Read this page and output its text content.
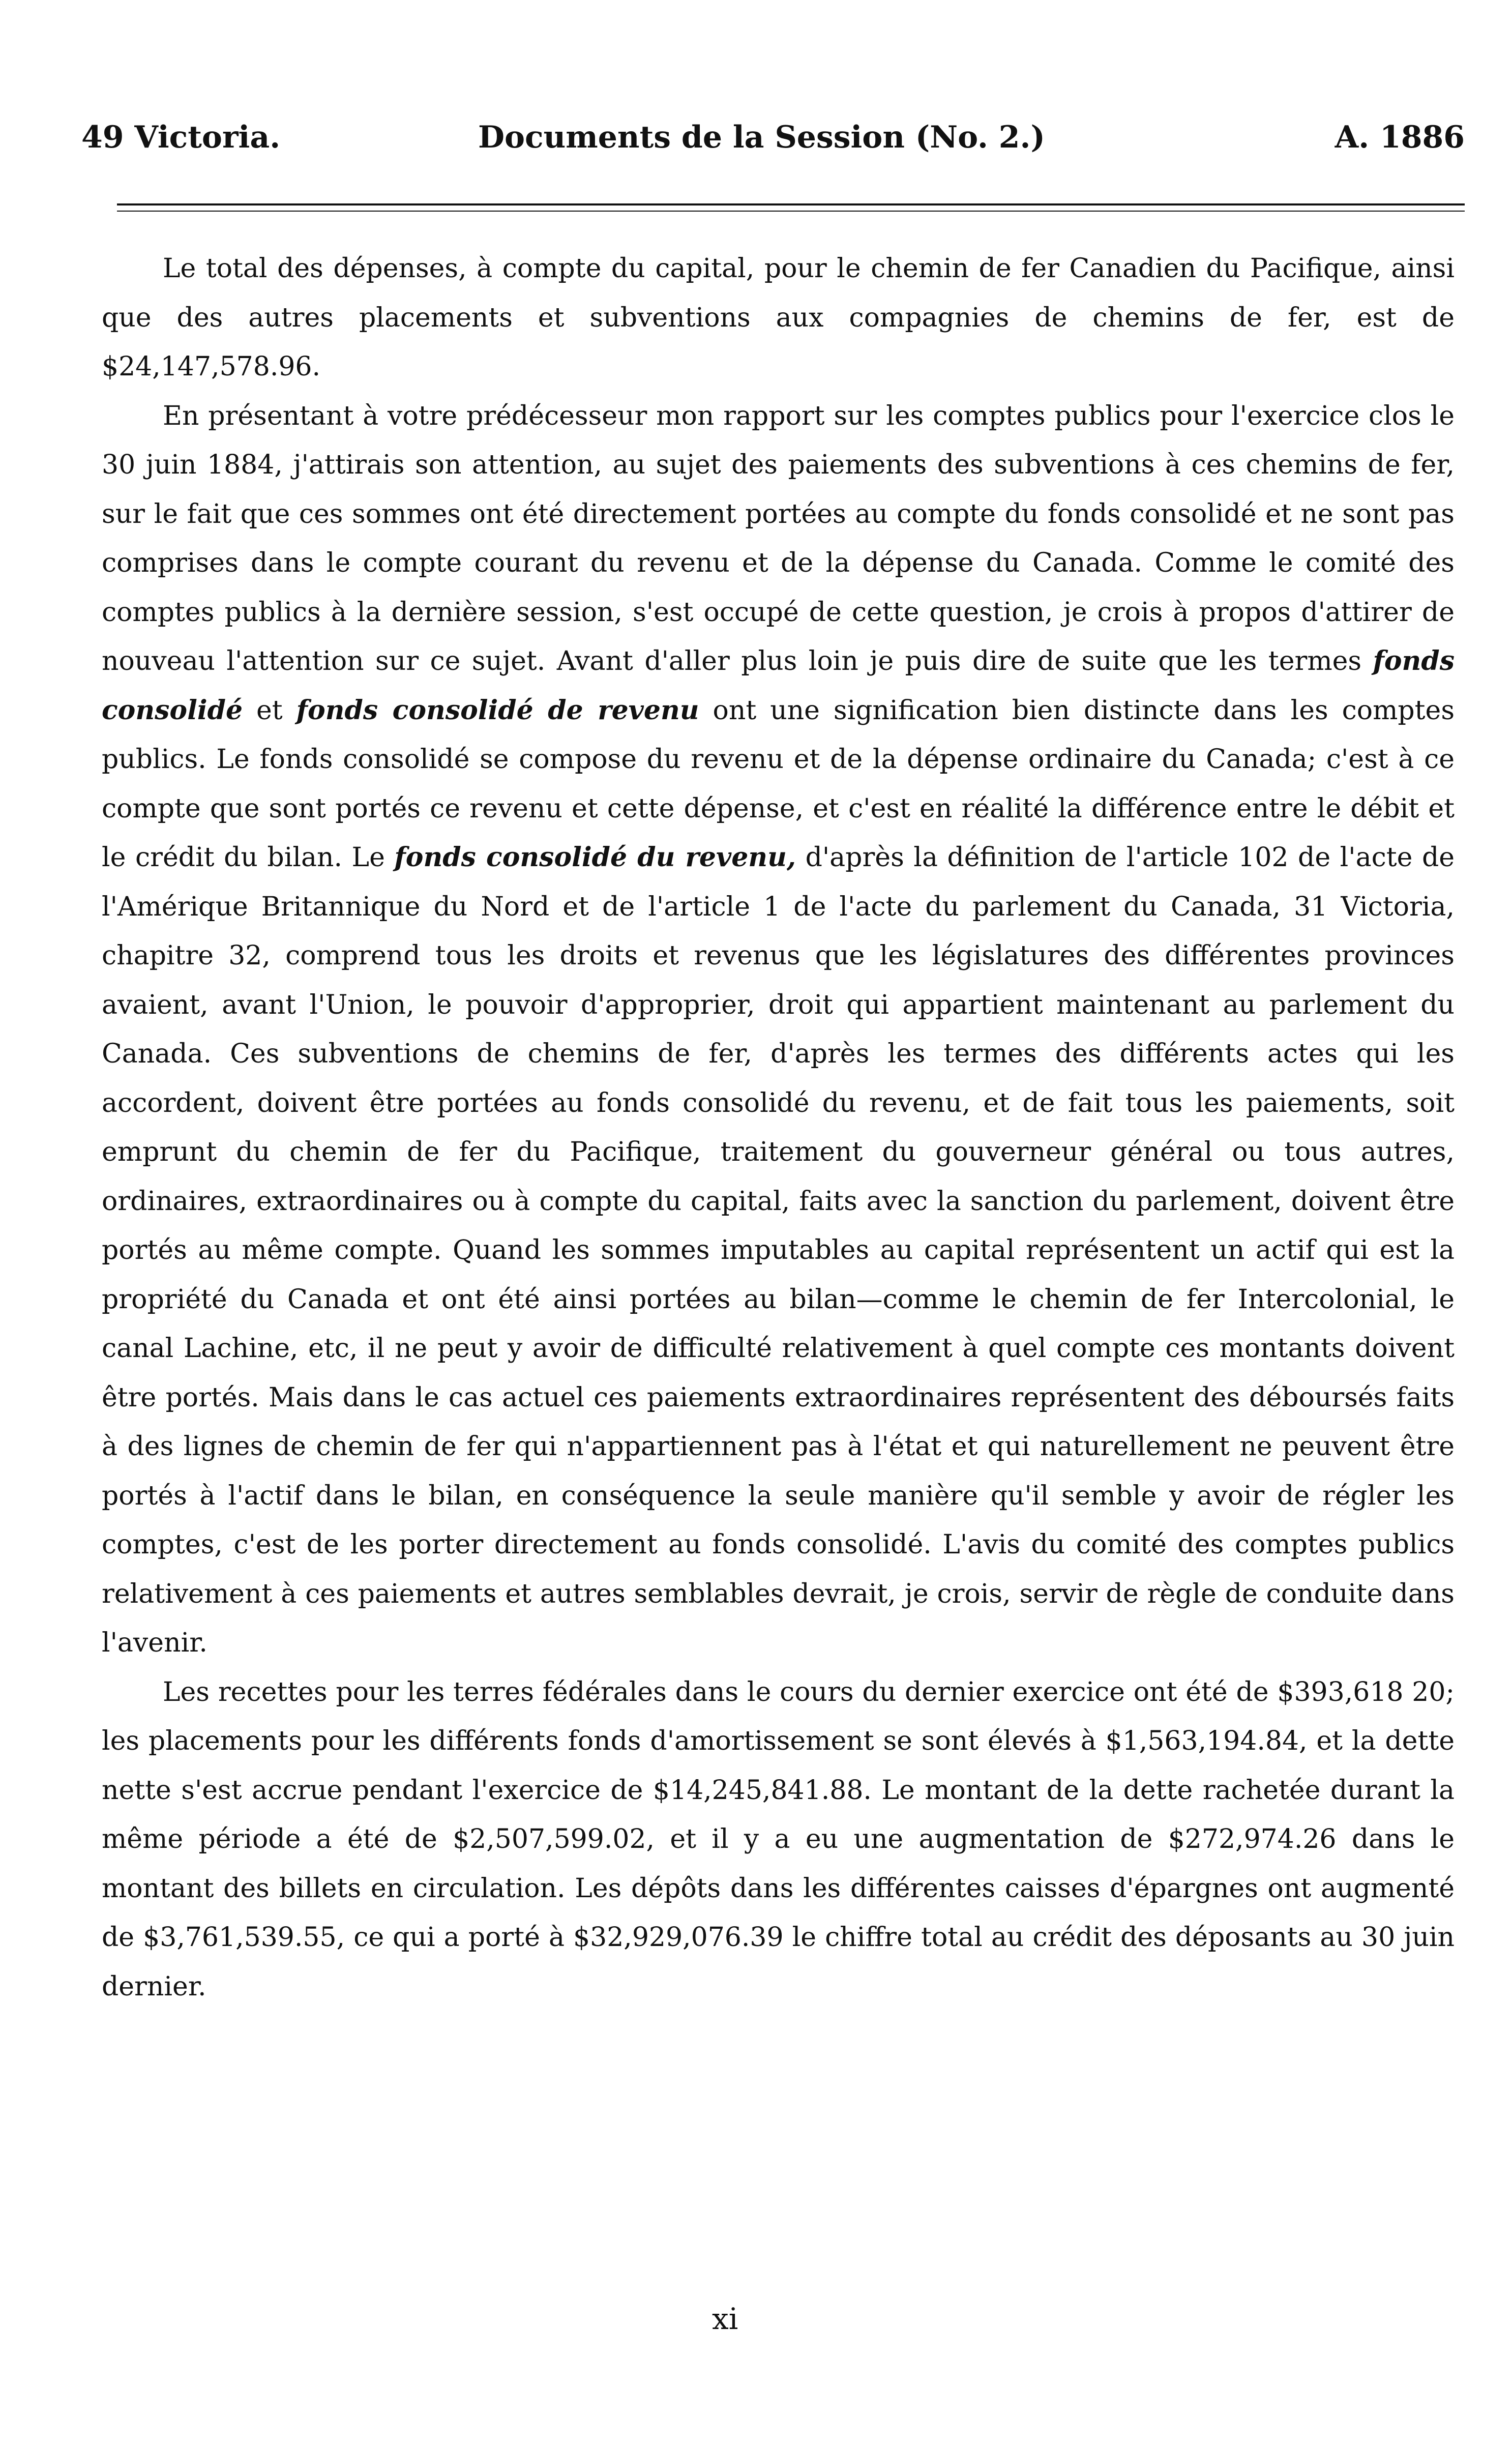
49 Victoria.	Documents de la Session (No. 2.)	A. 1886

Le total des dépenses, à compte du capital, pour le chemin de fer Canadien du Pacifique, ainsi que des autres placements et subventions aux compagnies de chemins de fer, est de $24,147,578.96.

En présentant à votre prédécesseur mon rapport sur les comptes publics pour l'exercice clos le 30 juin 1884, j'attirais son attention, au sujet des paiements des subventions à ces chemins de fer, sur le fait que ces sommes ont été directement portées au compte du fonds consolidé et ne sont pas comprises dans le compte courant du revenu et de la dépense du Canada. Comme le comité des comptes publics à la dernière session, s'est occupé de cette question, je crois à propos d'attirer de nouveau l'attention sur ce sujet. Avant d'aller plus loin je puis dire de suite que les termes fonds consolidé et fonds consolidé de revenu ont une signification bien distincte dans les comptes publics. Le fonds consolidé se compose du revenu et de la dépense ordinaire du Canada; c'est à ce compte que sont portés ce revenu et cette dépense, et c'est en réalité la différence entre le débit et le crédit du bilan. Le fonds consolidé du revenu, d'après la définition de l'article 102 de l'acte de l'Amérique Britannique du Nord et de l'article 1 de l'acte du parlement du Canada, 31 Victoria, chapitre 32, comprend tous les droits et revenus que les législatures des différentes provinces avaient, avant l'Union, le pouvoir d'approprier, droit qui appartient maintenant au parlement du Canada. Ces subventions de chemins de fer, d'après les termes des différents actes qui les accordent, doivent être portées au fonds consolidé du revenu, et de fait tous les paiements, soit emprunt du chemin de fer du Pacifique, traitement du gouverneur général ou tous autres, ordinaires, extraordinaires ou à compte du capital, faits avec la sanction du parlement, doivent être portés au même compte. Quand les sommes imputables au capital représentent un actif qui est la propriété du Canada et ont été ainsi portées au bilan—comme le chemin de fer Intercolonial, le canal Lachine, etc, il ne peut y avoir de difficulté relativement à quel compte ces montants doivent être portés. Mais dans le cas actuel ces paiements extraordinaires représentent des déboursés faits à des lignes de chemin de fer qui n'appartiennent pas à l'état et qui naturellement ne peuvent être portés à l'actif dans le bilan, en conséquence la seule manière qu'il semble y avoir de régler les comptes, c'est de les porter directement au fonds consolidé. L'avis du comité des comptes publics relativement à ces paiements et autres semblables devrait, je crois, servir de règle de conduite dans l'avenir.

Les recettes pour les terres fédérales dans le cours du dernier exercice ont été de $393,618 20; les placements pour les différents fonds d'amortissement se sont élevés à $1,563,194.84, et la dette nette s'est accrue pendant l'exercice de $14,245,841.88. Le montant de la dette rachetée durant la même période a été de $2,507,599.02, et il y a eu une augmentation de $272,974.26 dans le montant des billets en circulation. Les dépôts dans les différentes caisses d'épargnes ont augmenté de $3,761,539.55, ce qui a porté à $32,929,076.39 le chiffre total au crédit des déposants au 30 juin dernier.

xi
